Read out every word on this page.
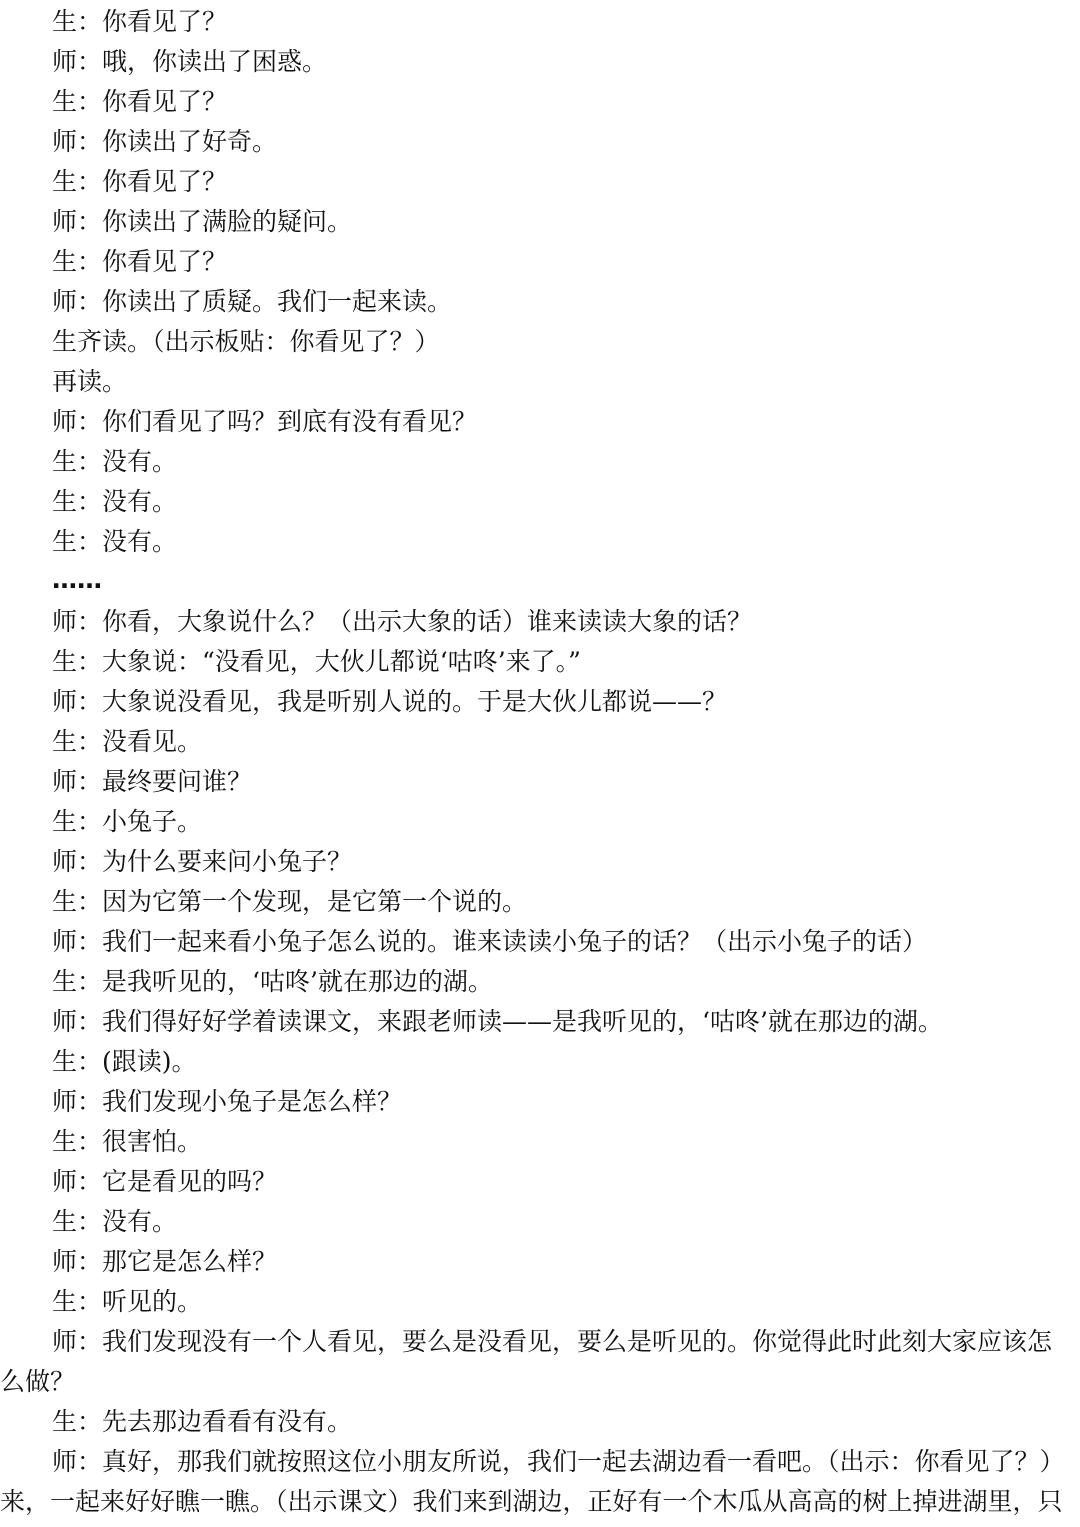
生：你看见了？
师：哦，你读出了困惑。
生：你看见了？
师：你读出了好奇。
生：你看见了？
师：你读出了满脸的疑问。
生：你看见了？
师：你读出了质疑。我们一起来读。
生齐读。（出示板贴：你看见了？）
再读。
师：你们看见了吗？到底有没有看见？
生：没有。
生：没有。
生：没有。
……
师：你看，大象说什么？（出示大象的话）谁来读读大象的话？
生：大象说：“没看见，大伙儿都说‘咕咚’来了。”
师：大象说没看见，我是听别人说的。于是大伙儿都说——？
生：没看见。
师：最终要问谁？
生：小兔子。
师：为什么要来问小兔子？
生：因为它第一个发现，是它第一个说的。
师：我们一起来看小兔子怎么说的。谁来读读小兔子的话？（出示小兔子的话）
生：是我听见的，‘咕咚’就在那边的湖。
师：我们得好好学着读课文，来跟老师读——是我听见的，‘咕咚’就在那边的湖。
生：(跟读)。
师：我们发现小兔子是怎么样？
生：很害怕。
师：它是看见的吗？
生：没有。
师：那它是怎么样？
生：听见的。
师：我们发现没有一个人看见，要么是没看见，要么是听见的。你觉得此时此刻大家应该怎
么做？
生：先去那边看看有没有。
师：真好，那我们就按照这位小朋友所说，我们一起去湖边看一看吧。（出示：你看见了？）
来，一起来好好瞧一瞧。（出示课文）我们来到湖边，正好有一个木瓜从高高的树上掉进湖里，只
